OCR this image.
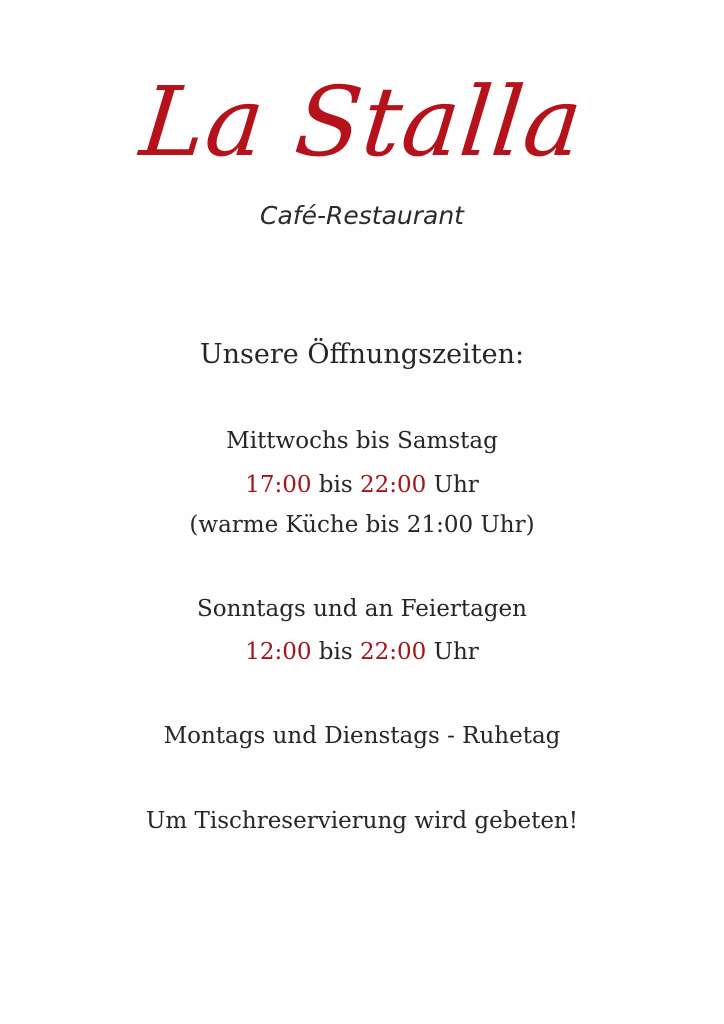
La Stalla
Café-Restaurant
Unsere Öffnungszeiten:
Mittwochs bis Samstag
17:00 bis 22:00 Uhr
(warme Küche bis 21:00 Uhr)
Sonntags und an Feiertagen
12:00 bis 22:00 Uhr
Montags und Dienstags - Ruhetag
Um Tischreservierung wird gebeten!
